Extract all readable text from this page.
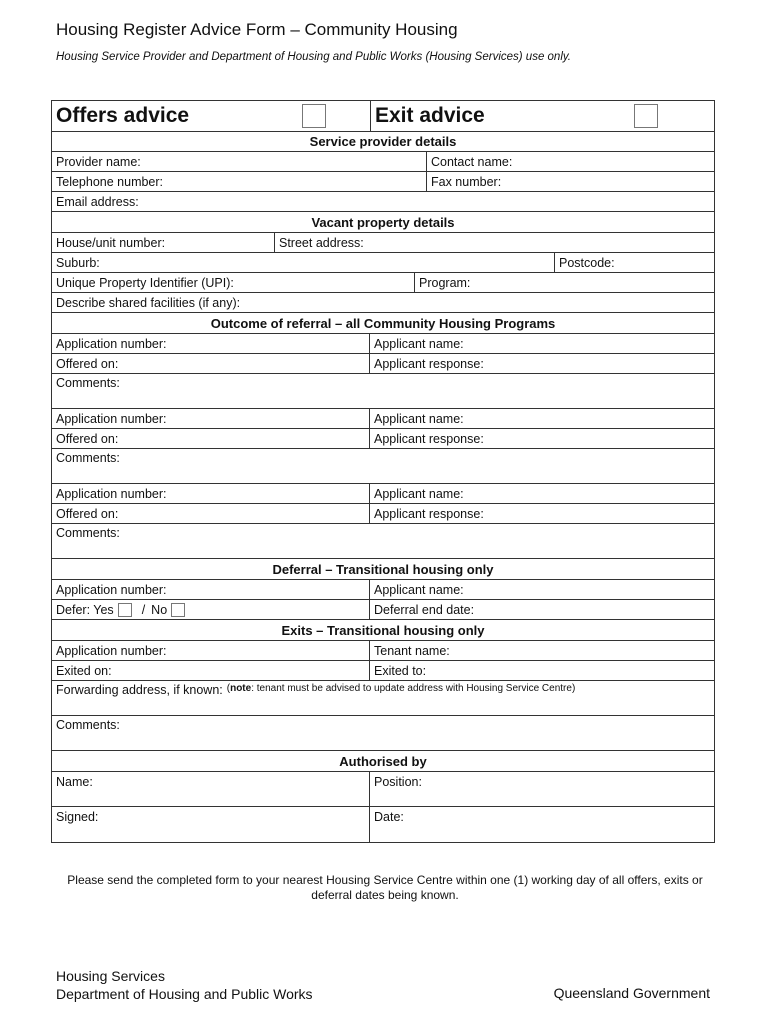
Housing Register Advice Form – Community Housing
Housing Service Provider and Department of Housing and Public Works (Housing Services) use only.
Offers advice	Exit advice
Service provider details
Provider name:	Contact name:
Telephone number:	Fax number:
Email address:
Vacant property details
House/unit number:	Street address:
Suburb:	Postcode:
Unique Property Identifier (UPI):	Program:
Describe shared facilities (if any):
Outcome of referral – all Community Housing Programs
Application number:	Applicant name:
Offered on:	Applicant response:
Comments:
Application number:	Applicant name:
Offered on:	Applicant response:
Comments:
Application number:	Applicant name:
Offered on:	Applicant response:
Comments:
Deferral – Transitional housing only
Application number:	Applicant name:
Defer: Yes / No	Deferral end date:
Exits – Transitional housing only
Application number:	Tenant name:
Exited on:	Exited to:
Forwarding address, if known: (note: tenant must be advised to update address with Housing Service Centre)
Comments:
Authorised by
Name:	Position:
Signed:	Date:
Please send the completed form to your nearest Housing Service Centre within one (1) working day of all offers, exits or deferral dates being known.
Housing Services
Department of Housing and Public Works	Queensland Government
